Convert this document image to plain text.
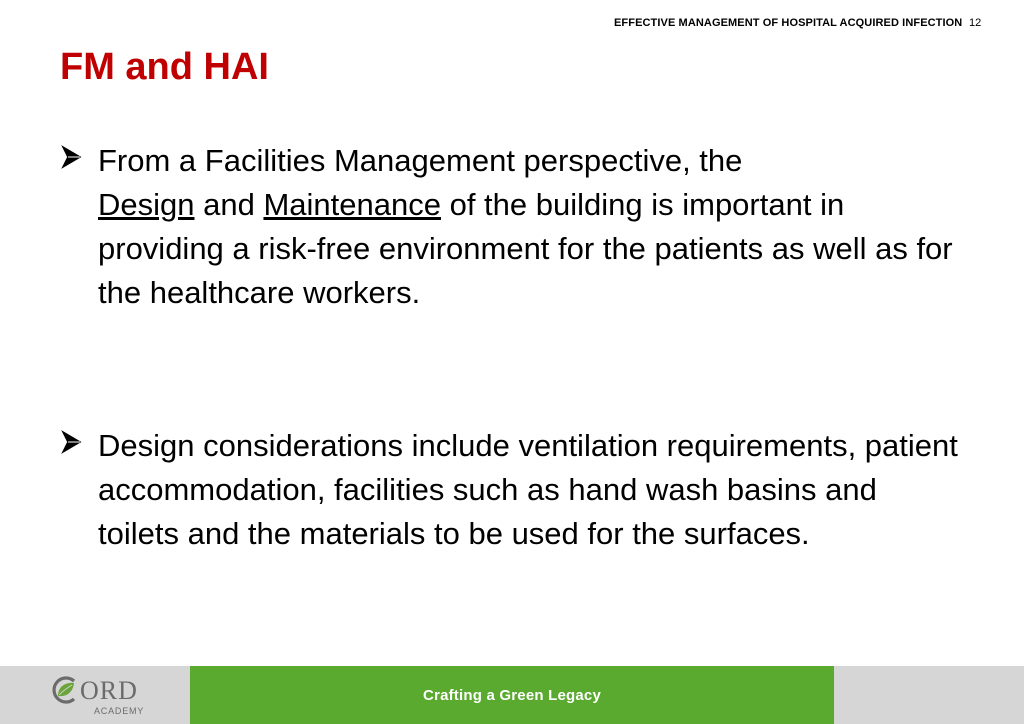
EFFECTIVE MANAGEMENT OF HOSPITAL ACQUIRED INFECTION 12
FM and HAI
From a Facilities Management perspective, the
Design and Maintenance of the building is important in providing a risk-free environment for the patients as well as for the healthcare workers.
Design considerations include ventilation requirements, patient accommodation, facilities such as hand wash basins and toilets and the materials to be used for the surfaces.
ORD
ACADEMY
Crafting a Green Legacy
